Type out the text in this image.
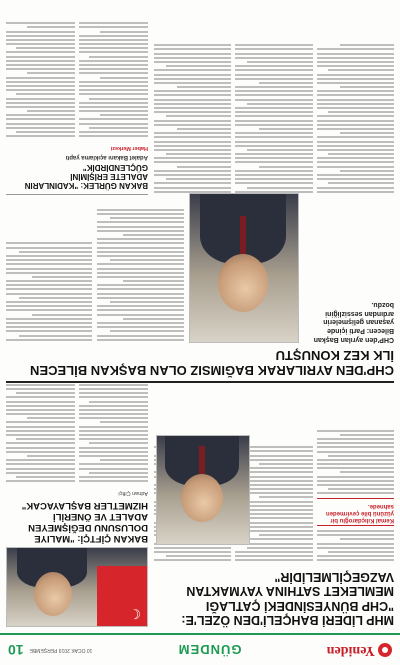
Yeniden
GÜNDEM
10 OCAK 2019 PERŞEMBE
10
MHP LİDERİ BAHÇELİ'DEN ÖZEL'E: "CHP BÜNYESİNDEKİ ÇATLAĞI MEMLEKET SATHINA YAYMAKTAN VAZGEÇİLMELİDİR"
Kemal Kılıçdaroğlu bir yüzünü bile çevirmeden sahnede.
☾
BAKAN ÇİFTÇİ: "MALIYE DOLUSUNU DEĞİŞMEYEN ADALET VE ÖNERİLİ HIZMETLER BAŞLAYACAK"
Adnan Çiftçi
CHP'DEN AYRILARAK BAĞIMSIZ OLAN BAŞKAN BİLECEN İLK KEZ KONUŞTU
CHP'den ayrılan Başkan Bilecen: Parti içinde yaşanan gelişmelerin ardından sessizliğini bozdu.
BAKAN GÜRLEK: "KADINLARIN ADALETE ERİŞİMİNİ GÜÇLENDİRDİK"
Adalet Bakanı açıklama yaptı
Haber Merkezi
